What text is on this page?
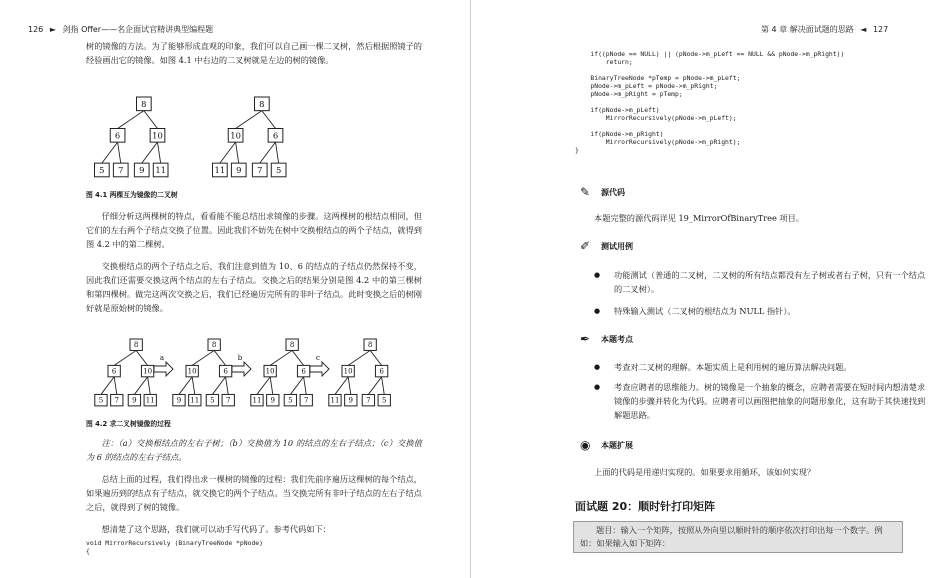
126 ► 剑指 Offer——名企面试官精讲典型编程题

树的镜像的方法。为了能够形成直观的印象，我们可以自己画一棵二叉树，然后根据照镜子的经验画出它的镜像。如图 4.1 中右边的二叉树就是左边的树的镜像。

8
6	10
5 7 9 11
8
10	6
11 9 7 5
图 4.1 两棵互为镜像的二叉树

仔细分析这两棵树的特点，看看能不能总结出求镜像的步骤。这两棵树的根结点相同，但它们的左右两个子结点交换了位置。因此我们不妨先在树中交换根结点的两个子结点，就得到图 4.2 中的第二棵树。

交换根结点的两个子结点之后，我们注意到值为 10、6 的结点的子结点仍然保持不变，因此我们还需要交换这两个结点的左右子结点。交换之后的结果分别是图 4.2 中的第三棵树和第四棵树。做完这两次交换之后，我们已经遍历完所有的非叶子结点。此时变换之后的树刚好就是原始树的镜像。

8
6	10
5 7 9 11
8
10	6
9 11 5 7
8
10	6
11 9 5 7
8
10	6
11 9 7 5
a	b	c
图 4.2 求二叉树镜像的过程

注：（a）交换根结点的左右子树；（b）交换值为 10 的结点的左右子结点；（c）交换值为 6 的结点的左右子结点。

总结上面的过程，我们得出求一棵树的镜像的过程：我们先前序遍历这棵树的每个结点，如果遍历到的结点有子结点，就交换它的两个子结点。当交换完所有非叶子结点的左右子结点之后，就得到了树的镜像。

想清楚了这个思路，我们就可以动手写代码了。参考代码如下：

void MirrorRecursively (BinaryTreeNode *pNode)
{
第 4 章 解决面试题的思路 ◄ 127
if((pNode == NULL) || (pNode->m_pLeft == NULL && pNode->m_pRight))
return;

BinaryTreeNode *pTemp = pNode->m_pLeft;
pNode->m_pLeft = pNode->m_pRight;
pNode->m_pRight = pTemp;

if(pNode->m_pLeft)
MirrorRecursively(pNode->m_pLeft);

if(pNode->m_pRight)
MirrorRecursively(pNode->m_pRight);
}
✎	源代码
本题完整的源代码详见 19_MirrorOfBinaryTree 项目。
✐	测试用例
● 功能测试（普通的二叉树，二叉树的所有结点都没有左子树或者右子树，只有一个结点的二叉树）。
● 特殊输入测试（二叉树的根结点为 NULL 指针）。
✒	本题考点
● 考查对二叉树的理解。本题实质上是利用树的遍历算法解决问题。
● 考查应聘者的思维能力。树的镜像是一个抽象的概念，应聘者需要在短时间内想清楚求镜像的步骤并转化为代码。应聘者可以画图把抽象的问题形象化，这有助于其快速找到解题思路。
◉	本题扩展
上面的代码是用递归实现的。如果要求用循环，该如何实现？
面试题 20：顺时针打印矩阵
题目：输入一个矩阵，按照从外向里以顺时针的顺序依次打印出每一个数字。例如：如果输入如下矩阵：
